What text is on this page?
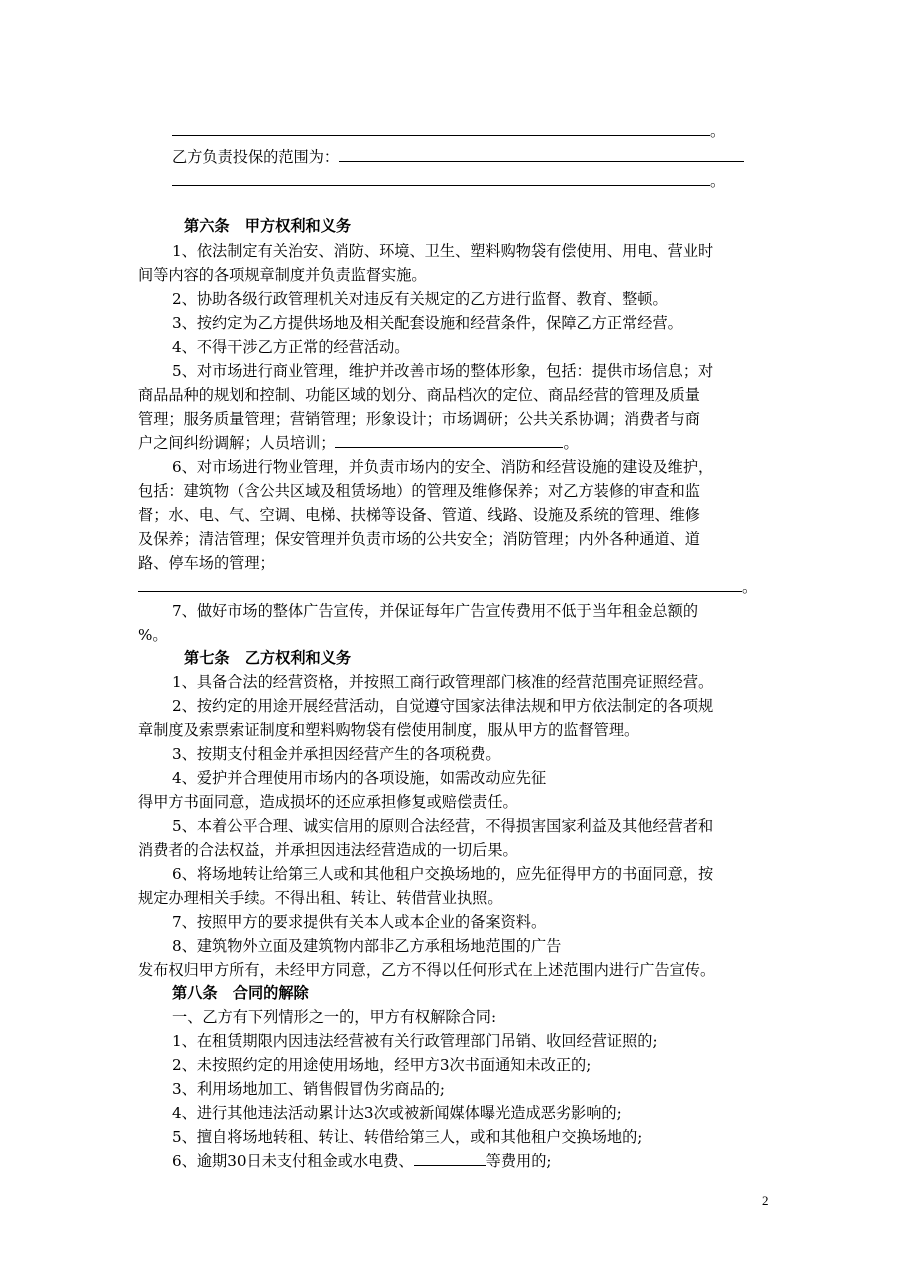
2
。
乙方负责投保的范围为：
。
第六条　甲方权利和义务
1、依法制定有关治安、消防、环境、卫生、塑料购物袋有偿使用、用电、营业时
间等内容的各项规章制度并负责监督实施。
2、协助各级行政管理机关对违反有关规定的乙方进行监督、教育、整顿。
3、按约定为乙方提供场地及相关配套设施和经营条件，保障乙方正常经营。
4、不得干涉乙方正常的经营活动。
5、对市场进行商业管理，维护并改善市场的整体形象，包括：提供市场信息；对
商品品种的规划和控制、功能区域的划分、商品档次的定位、商品经营的管理及质量
管理；服务质量管理；营销管理；形象设计；市场调研；公共关系协调；消费者与商
户之间纠纷调解；人员培训；	。
6、对市场进行物业管理，并负责市场内的安全、消防和经营设施的建设及维护，
包括：建筑物（含公共区域及租赁场地）的管理及维修保养；对乙方装修的审查和监
督；水、电、气、空调、电梯、扶梯等设备、管道、线路、设施及系统的管理、维修
及保养；清洁管理；保安管理并负责市场的公共安全；消防管理；内外各种通道、道
路、停车场的管理；
。
7、做好市场的整体广告宣传，并保证每年广告宣传费用不低于当年租金总额的
%。
第七条　乙方权利和义务
1、具备合法的经营资格，并按照工商行政管理部门核准的经营范围亮证照经营。
2、按约定的用途开展经营活动，自觉遵守国家法律法规和甲方依法制定的各项规
章制度及索票索证制度和塑料购物袋有偿使用制度，服从甲方的监督管理。
3、按期支付租金并承担因经营产生的各项税费。
4、爱护并合理使用市场内的各项设施，如需改动应先征
得甲方书面同意，造成损坏的还应承担修复或赔偿责任。
5、本着公平合理、诚实信用的原则合法经营，不得损害国家利益及其他经营者和
消费者的合法权益，并承担因违法经营造成的一切后果。
6、将场地转让给第三人或和其他租户交换场地的，应先征得甲方的书面同意，按
规定办理相关手续。不得出租、转让、转借营业执照。
7、按照甲方的要求提供有关本人或本企业的备案资料。
8、建筑物外立面及建筑物内部非乙方承租场地范围的广告
发布权归甲方所有，未经甲方同意，乙方不得以任何形式在上述范围内进行广告宣传。
第八条　合同的解除
一、乙方有下列情形之一的，甲方有权解除合同:
1、在租赁期限内因违法经营被有关行政管理部门吊销、收回经营证照的;
2、未按照约定的用途使用场地，经甲方3次书面通知未改正的;
3、利用场地加工、销售假冒伪劣商品的;
4、进行其他违法活动累计达3次或被新闻媒体曝光造成恶劣影响的;
5、擅自将场地转租、转让、转借给第三人，或和其他租户交换场地的;
6、逾期30日未支付租金或水电费、	等费用的;
